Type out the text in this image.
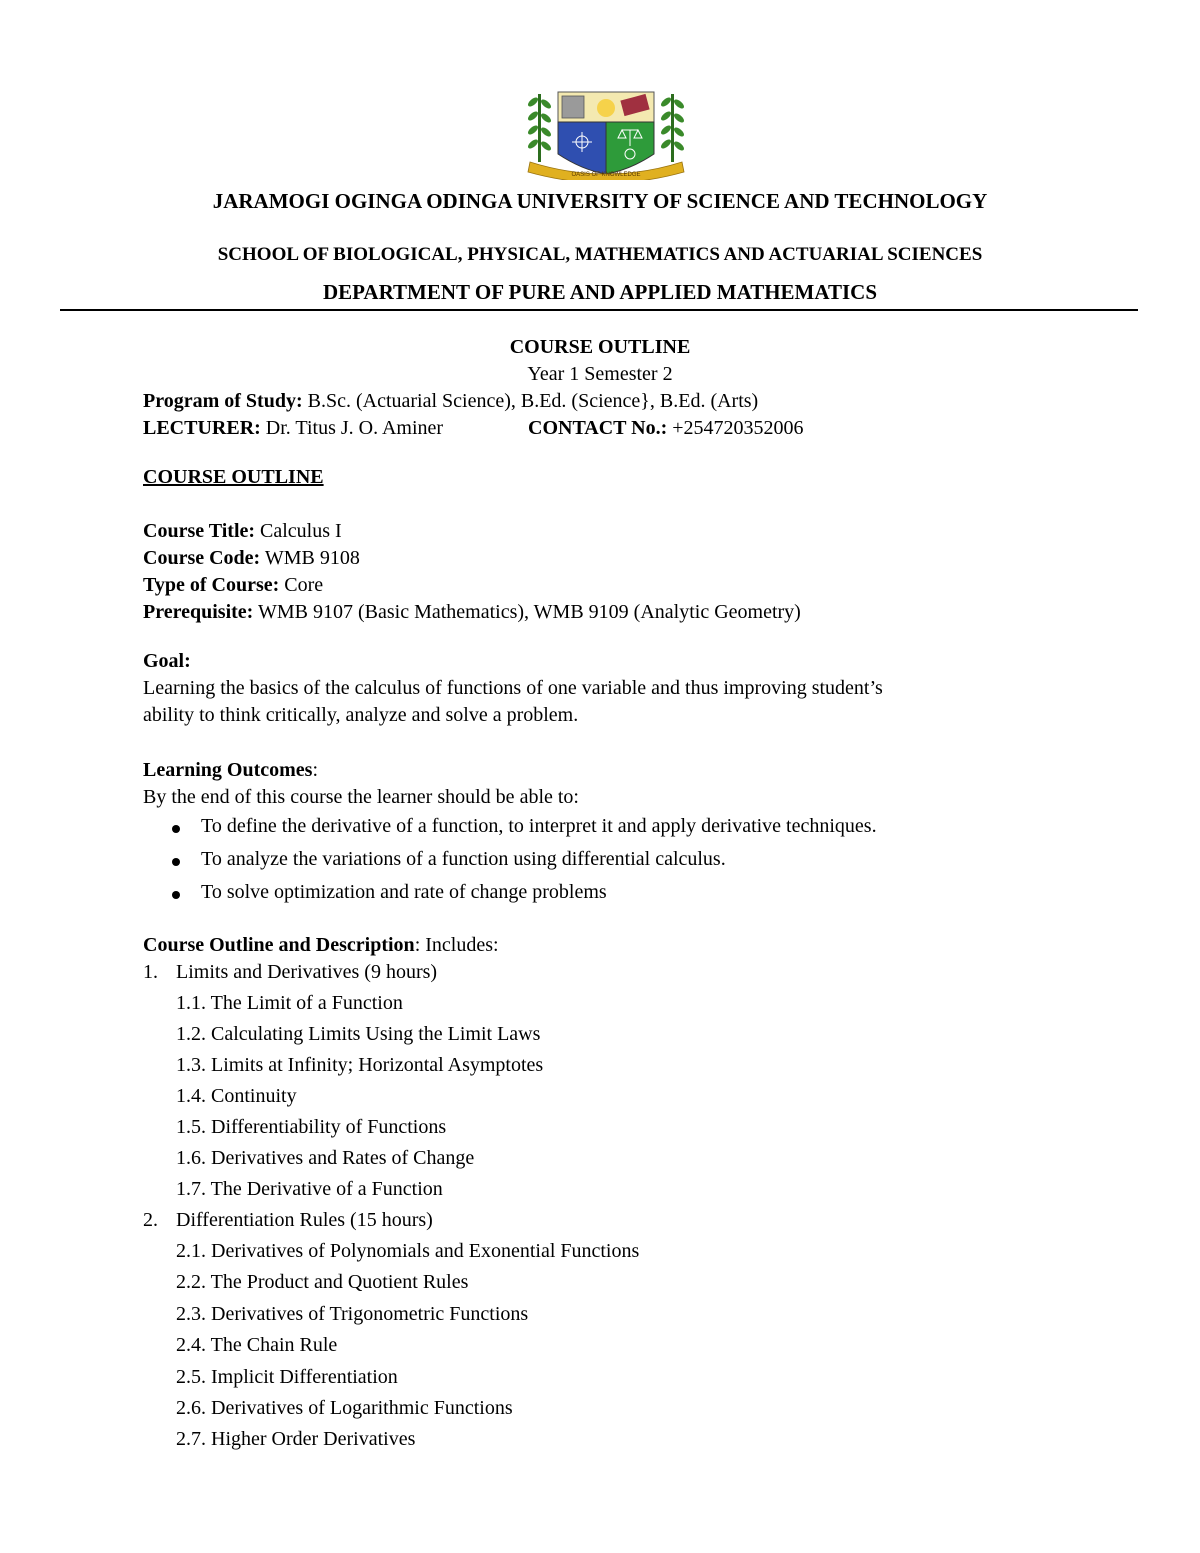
OASIS OF KNOWLEDGE
JARAMOGI OGINGA ODINGA UNIVERSITY OF SCIENCE AND TECHNOLOGY
SCHOOL OF BIOLOGICAL, PHYSICAL, MATHEMATICS AND ACTUARIAL SCIENCES
DEPARTMENT OF PURE AND APPLIED MATHEMATICS
COURSE OUTLINE
Year 1 Semester 2
Program of Study: B.Sc. (Actuarial Science), B.Ed. (Science}, B.Ed. (Arts)
LECTURER: Dr. Titus J. O. Aminer	CONTACT No.: +254720352006
COURSE OUTLINE
Course Title: Calculus I
Course Code: WMB 9108
Type of Course: Core
Prerequisite: WMB 9107 (Basic Mathematics), WMB 9109 (Analytic Geometry)
Goal:
Learning the basics of the calculus of functions of one variable and thus improving student’s
ability to think critically, analyze and solve a problem.
Learning Outcomes:
By the end of this course the learner should be able to:
To define the derivative of a function, to interpret it and apply derivative techniques.
To analyze the variations of a function using differential calculus.
To solve optimization and rate of change problems
Course Outline and Description: Includes:
1. Limits and Derivatives (9 hours)
1.1. The Limit of a Function
1.2. Calculating Limits Using the Limit Laws
1.3. Limits at Infinity; Horizontal Asymptotes
1.4. Continuity
1.5. Differentiability of Functions
1.6. Derivatives and Rates of Change
1.7. The Derivative of a Function
2. Differentiation Rules (15 hours)
2.1. Derivatives of Polynomials and Exonential Functions
2.2. The Product and Quotient Rules
2.3. Derivatives of Trigonometric Functions
2.4. The Chain Rule
2.5. Implicit Differentiation
2.6. Derivatives of Logarithmic Functions
2.7. Higher Order Derivatives
